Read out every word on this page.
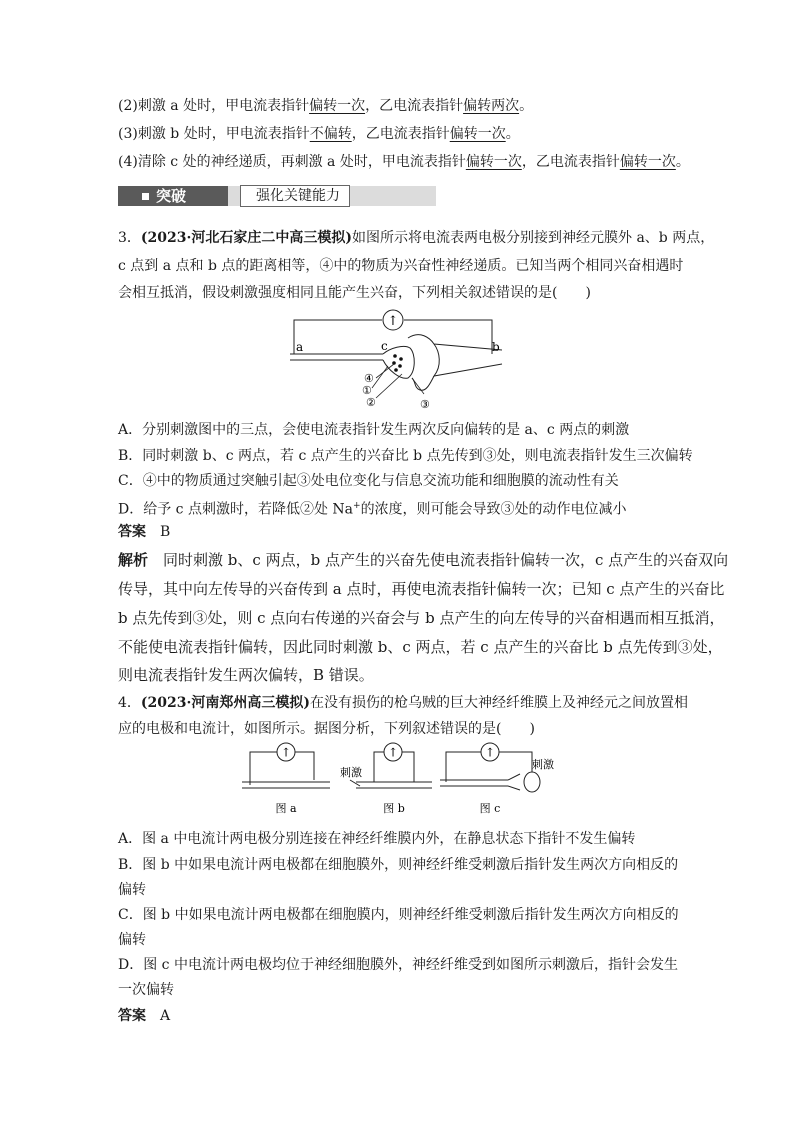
(2)刺激 a 处时，甲电流表指针偏转一次，乙电流表指针偏转两次。
(3)刺激 b 处时，甲电流表指针不偏转，乙电流表指针偏转一次。
(4)清除 c 处的神经递质，再刺激 a 处时，甲电流表指针偏转一次，乙电流表指针偏转一次。
突破	强化关键能力
3．(2023·河北石家庄二中高三模拟)如图所示将电流表两电极分别接到神经元膜外 a、b 两点，
c 点到 a 点和 b 点的距离相等，④中的物质为兴奋性神经递质。已知当两个相同兴奋相遇时
会相互抵消，假设刺激强度相同且能产生兴奋，下列相关叙述错误的是(　　)
↑
a	b
c
④
①
②	③
A．分别刺激图中的三点，会使电流表指针发生两次反向偏转的是 a、c 两点的刺激
B．同时刺激 b、c 两点，若 c 点产生的兴奋比 b 点先传到③处，则电流表指针发生三次偏转
C．④中的物质通过突触引起③处电位变化与信息交流功能和细胞膜的流动性有关
D．给予 c 点刺激时，若降低②处 Na+的浓度，则可能会导致③处的动作电位减小
答案　 B
解析　 同时刺激 b、c 两点，b 点产生的兴奋先使电流表指针偏转一次，c 点产生的兴奋双向
传导，其中向左传导的兴奋传到 a 点时，再使电流表指针偏转一次；已知 c 点产生的兴奋比
b 点先传到③处，则 c 点向右传递的兴奋会与 b 点产生的向左传导的兴奋相遇而相互抵消，
不能使电流表指针偏转，因此同时刺激 b、c 两点，若 c 点产生的兴奋比 b 点先传到③处，
则电流表指针发生两次偏转，B 错误。
4．(2023·河南郑州高三模拟)在没有损伤的枪乌贼的巨大神经纤维膜上及神经元之间放置相
应的电极和电流计，如图所示。据图分析，下列叙述错误的是(　　)
↑
图 a
↑
刺激
图 b
↑
刺激
图 c
A．图 a 中电流计两电极分别连接在神经纤维膜内外，在静息状态下指针不发生偏转
B．图 b 中如果电流计两电极都在细胞膜外，则神经纤维受刺激后指针发生两次方向相反的
偏转
C．图 b 中如果电流计两电极都在细胞膜内，则神经纤维受刺激后指针发生两次方向相反的
偏转
D．图 c 中电流计两电极均位于神经细胞膜外，神经纤维受到如图所示刺激后，指针会发生
一次偏转
答案　 A
